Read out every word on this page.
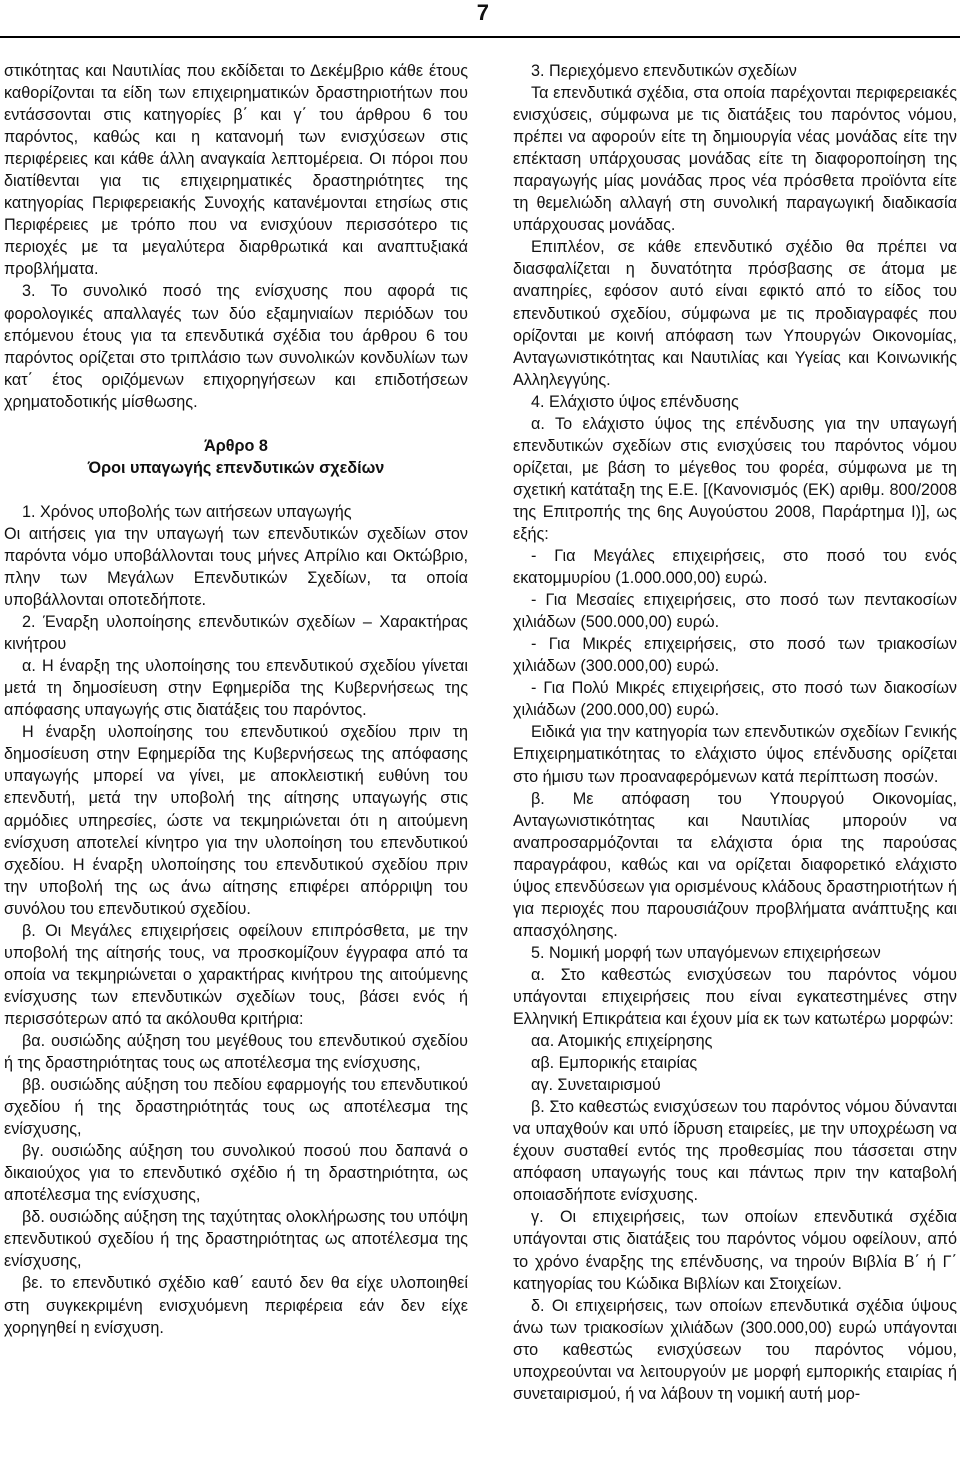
7

στικότητας και Ναυτιλίας που εκδίδεται το Δεκέμβριο κάθε έτους καθορίζονται τα είδη των επιχειρηματικών δραστηριοτήτων που εντάσσονται στις κατηγορίες β΄ και γ΄ του άρθρου 6 του παρόντος, καθώς και η κατανομή των ενισχύσεων στις περιφέρειες και κάθε άλλη αναγκαία λεπτομέρεια. Οι πόροι που διατίθενται για τις επιχειρηματικές δραστηριότητες της κατηγορίας Περιφερειακής Συνοχής κατανέμονται ετησίως στις Περιφέρειες με τρόπο που να ενισχύουν περισσότερο τις περιοχές με τα μεγαλύτερα διαρθρωτικά και αναπτυξιακά προβλήματα.

3. Το συνολικό ποσό της ενίσχυσης που αφορά τις φορολογικές απαλλαγές των δύο εξαμηνιαίων περιόδων του επόμενου έτους για τα επενδυτικά σχέδια του άρθρου 6 του παρόντος ορίζεται στο τριπλάσιο των συνολικών κονδυλίων των κατ΄ έτος οριζόμενων επιχορηγήσεων και επιδοτήσεων χρηματοδοτικής μίσθωσης.

Άρθρο 8

Όροι υπαγωγής επενδυτικών σχεδίων

1. Χρόνος υποβολής των αιτήσεων υπαγωγής

Οι αιτήσεις για την υπαγωγή των επενδυτικών σχεδίων στον παρόντα νόμο υποβάλλονται τους μήνες Απρίλιο και Οκτώβριο, πλην των Μεγάλων Επενδυτικών Σχεδίων, τα οποία υποβάλλονται οποτεδήποτε.

2. Έναρξη υλοποίησης επενδυτικών σχεδίων – Χαρακτήρας κινήτρου

α. Η έναρξη της υλοποίησης του επενδυτικού σχεδίου γίνεται μετά τη δημοσίευση στην Εφημερίδα της Κυβερνήσεως της απόφασης υπαγωγής στις διατάξεις του παρόντος.

Η έναρξη υλοποίησης του επενδυτικού σχεδίου πριν τη δημοσίευση στην Εφημερίδα της Κυβερνήσεως της απόφασης υπαγωγής μπορεί να γίνει, με αποκλειστική ευθύνη του επενδυτή, μετά την υποβολή της αίτησης υπαγωγής στις αρμόδιες υπηρεσίες, ώστε να τεκμηριώνεται ότι η αιτούμενη ενίσχυση αποτελεί κίνητρο για την υλοποίηση του επενδυτικού σχεδίου. Η έναρξη υλοποίησης του επενδυτικού σχεδίου πριν την υποβολή της ως άνω αίτησης επιφέρει απόρριψη του συνόλου του επενδυτικού σχεδίου.

β. Οι Μεγάλες επιχειρήσεις οφείλουν επιπρόσθετα, με την υποβολή της αίτησής τους, να προσκομίζουν έγγραφα από τα οποία να τεκμηριώνεται ο χαρακτήρας κινήτρου της αιτούμενης ενίσχυσης των επενδυτικών σχεδίων τους, βάσει ενός ή περισσότερων από τα ακόλουθα κριτήρια:

βα. ουσιώδης αύξηση του μεγέθους του επενδυτικού σχεδίου ή της δραστηριότητας τους ως αποτέλεσμα της ενίσχυσης,

ββ. ουσιώδης αύξηση του πεδίου εφαρμογής του επενδυτικού σχεδίου ή της δραστηριότητάς τους ως αποτέλεσμα της ενίσχυσης,

βγ. ουσιώδης αύξηση του συνολικού ποσού που δαπανά ο δικαιούχος για το επενδυτικό σχέδιο ή τη δραστηριότητα, ως αποτέλεσμα της ενίσχυσης,

βδ. ουσιώδης αύξηση της ταχύτητας ολοκλήρωσης του υπόψη επενδυτικού σχεδίου ή της δραστηριότητας ως αποτέλεσμα της ενίσχυσης,

βε. το επενδυτικό σχέδιο καθ΄ εαυτό δεν θα είχε υλοποιηθεί στη συγκεκριμένη ενισχυόμενη περιφέρεια εάν δεν είχε χορηγηθεί η ενίσχυση.

3. Περιεχόμενο επενδυτικών σχεδίων

Τα επενδυτικά σχέδια, στα οποία παρέχονται περιφερειακές ενισχύσεις, σύμφωνα με τις διατάξεις του παρόντος νόμου, πρέπει να αφορούν είτε τη δημιουργία νέας μονάδας είτε την επέκταση υπάρχουσας μονάδας είτε τη διαφοροποίηση της παραγωγής μίας μονάδας προς νέα πρόσθετα προϊόντα είτε τη θεμελιώδη αλλαγή στη συνολική παραγωγική διαδικασία υπάρχουσας μονάδας.

Επιπλέον, σε κάθε επενδυτικό σχέδιο θα πρέπει να διασφαλίζεται η δυνατότητα πρόσβασης σε άτομα με αναπηρίες, εφόσον αυτό είναι εφικτό από το είδος του επενδυτικού σχεδίου, σύμφωνα με τις προδιαγραφές που ορίζονται με κοινή απόφαση των Υπουργών Οικονομίας, Ανταγωνιστικότητας και Ναυτιλίας και Υγείας και Κοινωνικής Αλληλεγγύης.

4. Ελάχιστο ύψος επένδυσης

α. Το ελάχιστο ύψος της επένδυσης για την υπαγωγή επενδυτικών σχεδίων στις ενισχύσεις του παρόντος νόμου ορίζεται, με βάση το μέγεθος του φορέα, σύμφωνα με τη σχετική κατάταξη της Ε.Ε. [(Κανονισμός (ΕΚ) αριθμ. 800/2008 της Επιτροπής της 6ης Αυγούστου 2008, Παράρτημα Ι)], ως εξής:

- Για Μεγάλες επιχειρήσεις, στο ποσό του ενός εκατομμυρίου (1.000.000,00) ευρώ.

- Για Μεσαίες επιχειρήσεις, στο ποσό των πεντακοσίων χιλιάδων (500.000,00) ευρώ.

- Για Μικρές επιχειρήσεις, στο ποσό των τριακοσίων χιλιάδων (300.000,00) ευρώ.

- Για Πολύ Μικρές επιχειρήσεις, στο ποσό των διακοσίων χιλιάδων (200.000,00) ευρώ.

Ειδικά για την κατηγορία των επενδυτικών σχεδίων Γενικής Επιχειρηματικότητας το ελάχιστο ύψος επένδυσης ορίζεται στο ήμισυ των προαναφερόμενων κατά περίπτωση ποσών.

β. Με απόφαση του Υπουργού Οικονομίας, Ανταγωνιστικότητας και Ναυτιλίας μπορούν να αναπροσαρμόζονται τα ελάχιστα όρια της παρούσας παραγράφου, καθώς και να ορίζεται διαφορετικό ελάχιστο ύψος επενδύσεων για ορισμένους κλάδους δραστηριοτήτων ή για περιοχές που παρουσιάζουν προβλήματα ανάπτυξης και απασχόλησης.

5. Νομική μορφή των υπαγόμενων επιχειρήσεων

α. Στο καθεστώς ενισχύσεων του παρόντος νόμου υπάγονται επιχειρήσεις που είναι εγκατεστημένες στην Ελληνική Επικράτεια και έχουν μία εκ των κατωτέρω μορφών:

αα. Ατομικής επιχείρησης

αβ. Εμπορικής εταιρίας

αγ. Συνεταιρισμού

β. Στο καθεστώς ενισχύσεων του παρόντος νόμου δύνανται να υπαχθούν και υπό ίδρυση εταιρείες, με την υποχρέωση να έχουν συσταθεί εντός της προθεσμίας που τάσσεται στην απόφαση υπαγωγής τους και πάντως πριν την καταβολή οποιασδήποτε ενίσχυσης.

γ. Οι επιχειρήσεις, των οποίων επενδυτικά σχέδια υπάγονται στις διατάξεις του παρόντος νόμου οφείλουν, από το χρόνο έναρξης της επένδυσης, να τηρούν Βιβλία Β΄ ή Γ΄ κατηγορίας του Κώδικα Βιβλίων και Στοιχείων.

δ. Οι επιχειρήσεις, των οποίων επενδυτικά σχέδια ύψους άνω των τριακοσίων χιλιάδων (300.000,00) ευρώ υπάγονται στο καθεστώς ενισχύσεων του παρόντος νόμου, υποχρεούνται να λειτουργούν με μορφή εμπορικής εταιρίας ή συνεταιρισμού, ή να λάβουν τη νομική αυτή μορ-
